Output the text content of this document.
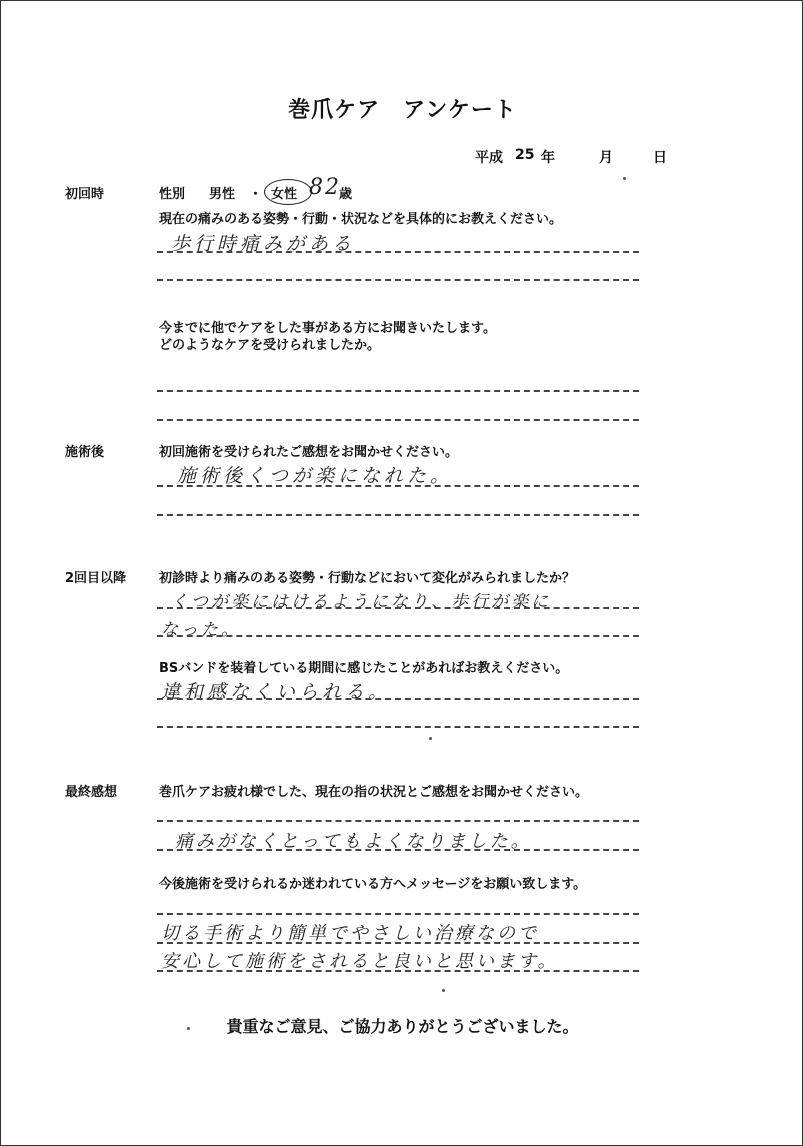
巻爪ケア　アンケート
平成 25 年	月	日
初回時	性別 男性 ・ 女性 82
歳
現在の痛みのある姿勢・行動・状況などを具体的にお教えください。
歩行時痛みがある
今までに他でケアをした事がある方にお聞きいたします。
どのようなケアを受けられましたか。
施術後	初回施術を受けられたご感想をお聞かせください。
施術後くつが楽になれた。
2回目以降	初診時より痛みのある姿勢・行動などにおいて変化がみられましたか？
くつが楽にはけるようになり、歩行が楽に
なった。
BSバンドを装着している期間に感じたことがあればお教えください。
違和感なくいられる。
最終感想	巻爪ケアお疲れ様でした、現在の指の状況とご感想をお聞かせください。
痛みがなくとってもよくなりました。
今後施術を受けられるか迷われている方へメッセージをお願い致します。
切る手術より簡単でやさしい治療なので
安心して施術をされると良いと思います。
貴重なご意見、ご協力ありがとうございました。
